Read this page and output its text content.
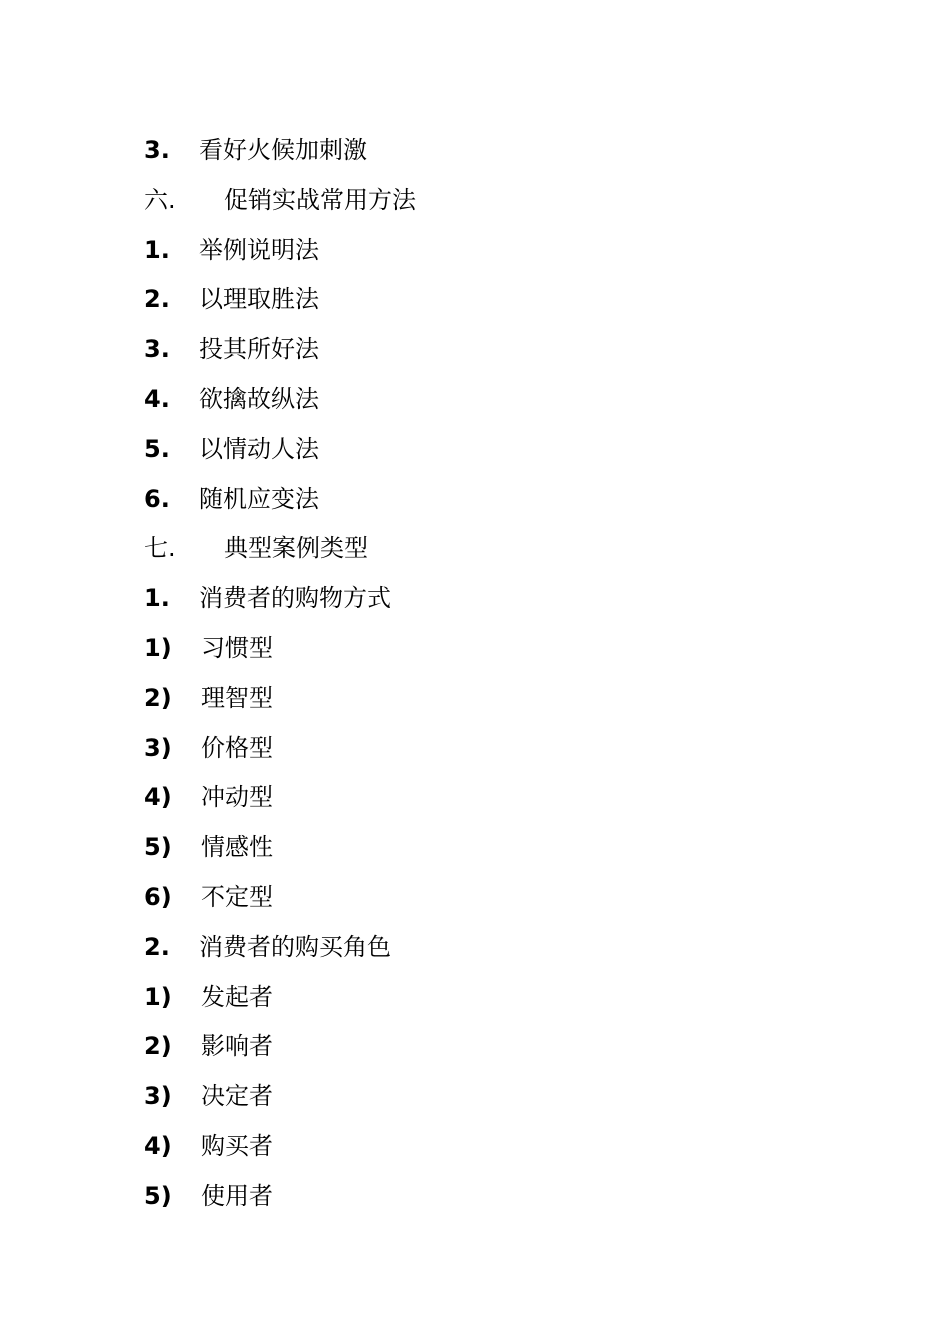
3. 看好火候加刺激
六. 促销实战常用方法
1. 举例说明法
2. 以理取胜法
3. 投其所好法
4. 欲擒故纵法
5. 以情动人法
6. 随机应变法
七. 典型案例类型
1. 消费者的购物方式
1) 习惯型
2) 理智型
3) 价格型
4) 冲动型
5) 情感性
6) 不定型
2. 消费者的购买角色
1) 发起者
2) 影响者
3) 决定者
4) 购买者
5) 使用者
